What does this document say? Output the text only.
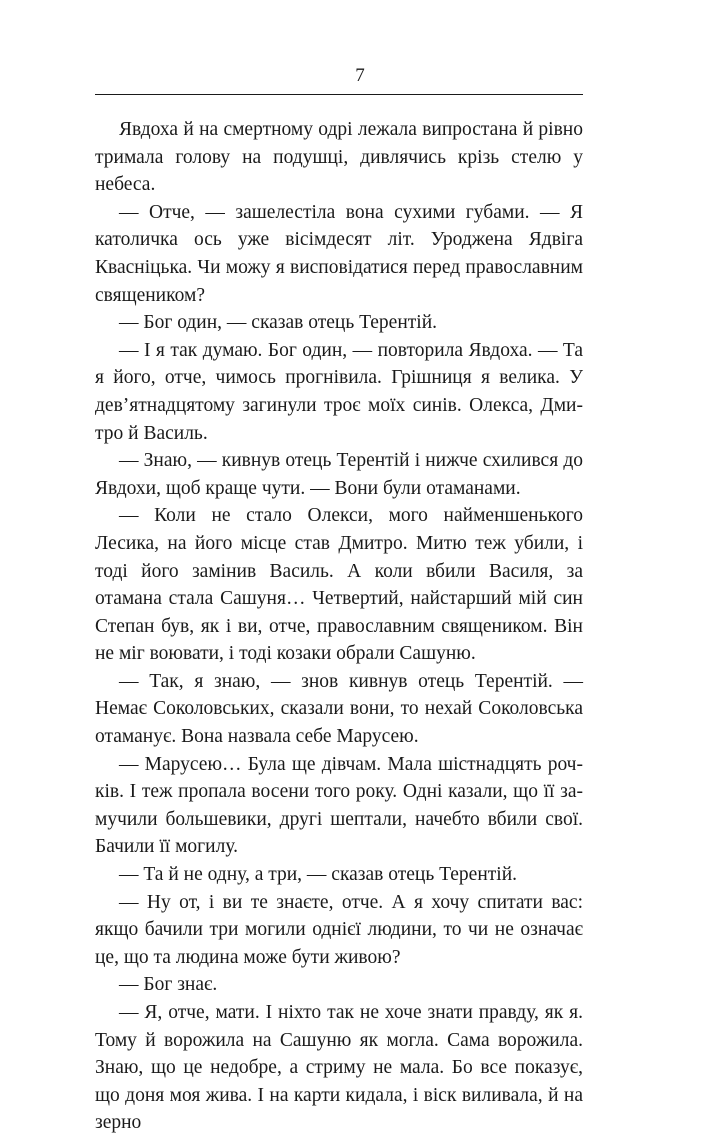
7

Явдоха й на смертному одрі лежала випростана й рівно тримала голову на подушці, дивлячись крізь стелю у небеса.

— Отче, — зашелестіла вона сухими губами. — Я католичка ось уже вісімдесят літ. Уроджена Ядвіга Квасніцька. Чи можу я висповідатися перед православним священиком?

— Бог один, — сказав отець Терентій.

— І я так думаю. Бог один, — повторила Явдоха. — Та я його, отче, чимось прогнівила. Грішниця я велика. У дев’ятнадцятому загинули троє моїх синів. Олекса, Дмитро й Василь.

— Знаю, — кивнув отець Терентій і нижче схилився до Явдохи, щоб краще чути. — Вони були отаманами.

— Коли не стало Олекси, мого найменшенького Лесика, на його місце став Дмитро. Митю теж убили, і тоді його замінив Василь. А коли вбили Василя, за отамана стала Сашуня… Четвертий, найстарший мій син Степан був, як і ви, отче, православним священиком. Він не міг воювати, і тоді козаки обрали Сашуню.

— Так, я знаю, — знов кивнув отець Терентій. — Немає Соколовських, сказали вони, то нехай Соколовська отаманує. Вона назвала себе Марусею.

— Марусею… Була ще дівчам. Мала шістнадцять рочків. І теж пропала восени того року. Одні казали, що її замучили большевики, другі шептали, начебто вбили свої. Бачили її могилу.

— Та й не одну, а три, — сказав отець Терентій.

— Ну от, і ви те знаєте, отче. А я хочу спитати вас: якщо бачили три могили однієї людини, то чи не означає це, що та людина може бути живою?

— Бог знає.

— Я, отче, мати. І ніхто так не хоче знати правду, як я. Тому й ворожила на Сашуню як могла. Сама ворожила. Знаю, що це недобре, а стриму не мала. Бо все показує, що доня моя жива. І на карти кидала, і віск виливала, й на зерно
